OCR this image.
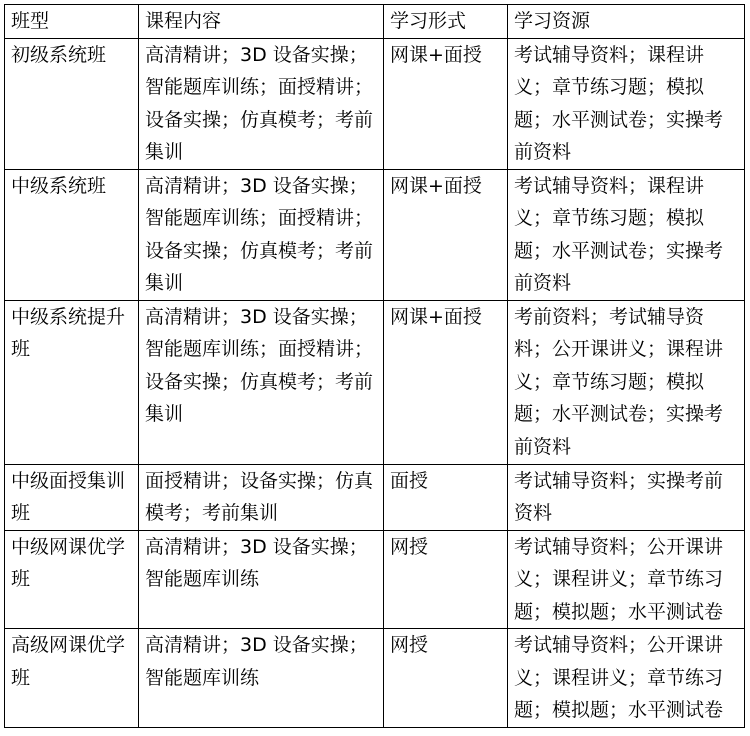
班型	课程内容	学习形式	学习资源
初级系统班	高清精讲；3D 设备实操；智能题库训练；面授精讲；设备实操；仿真模考；考前集训	网课+面授	考试辅导资料；课程讲义；章节练习题；模拟题；水平测试卷；实操考前资料
中级系统班	高清精讲；3D 设备实操；智能题库训练；面授精讲；设备实操；仿真模考；考前集训	网课+面授	考试辅导资料；课程讲义；章节练习题；模拟题；水平测试卷；实操考前资料
中级系统提升班	高清精讲；3D 设备实操；智能题库训练；面授精讲；设备实操；仿真模考；考前集训	网课+面授	考前资料；考试辅导资料；公开课讲义；课程讲义；章节练习题；模拟题；水平测试卷；实操考前资料
中级面授集训班	面授精讲；设备实操；仿真模考；考前集训	面授	考试辅导资料；实操考前资料
中级网课优学班	高清精讲；3D 设备实操；智能题库训练	网授	考试辅导资料；公开课讲义；课程讲义；章节练习题；模拟题；水平测试卷
高级网课优学班	高清精讲；3D 设备实操；智能题库训练	网授	考试辅导资料；公开课讲义；课程讲义；章节练习题；模拟题；水平测试卷
